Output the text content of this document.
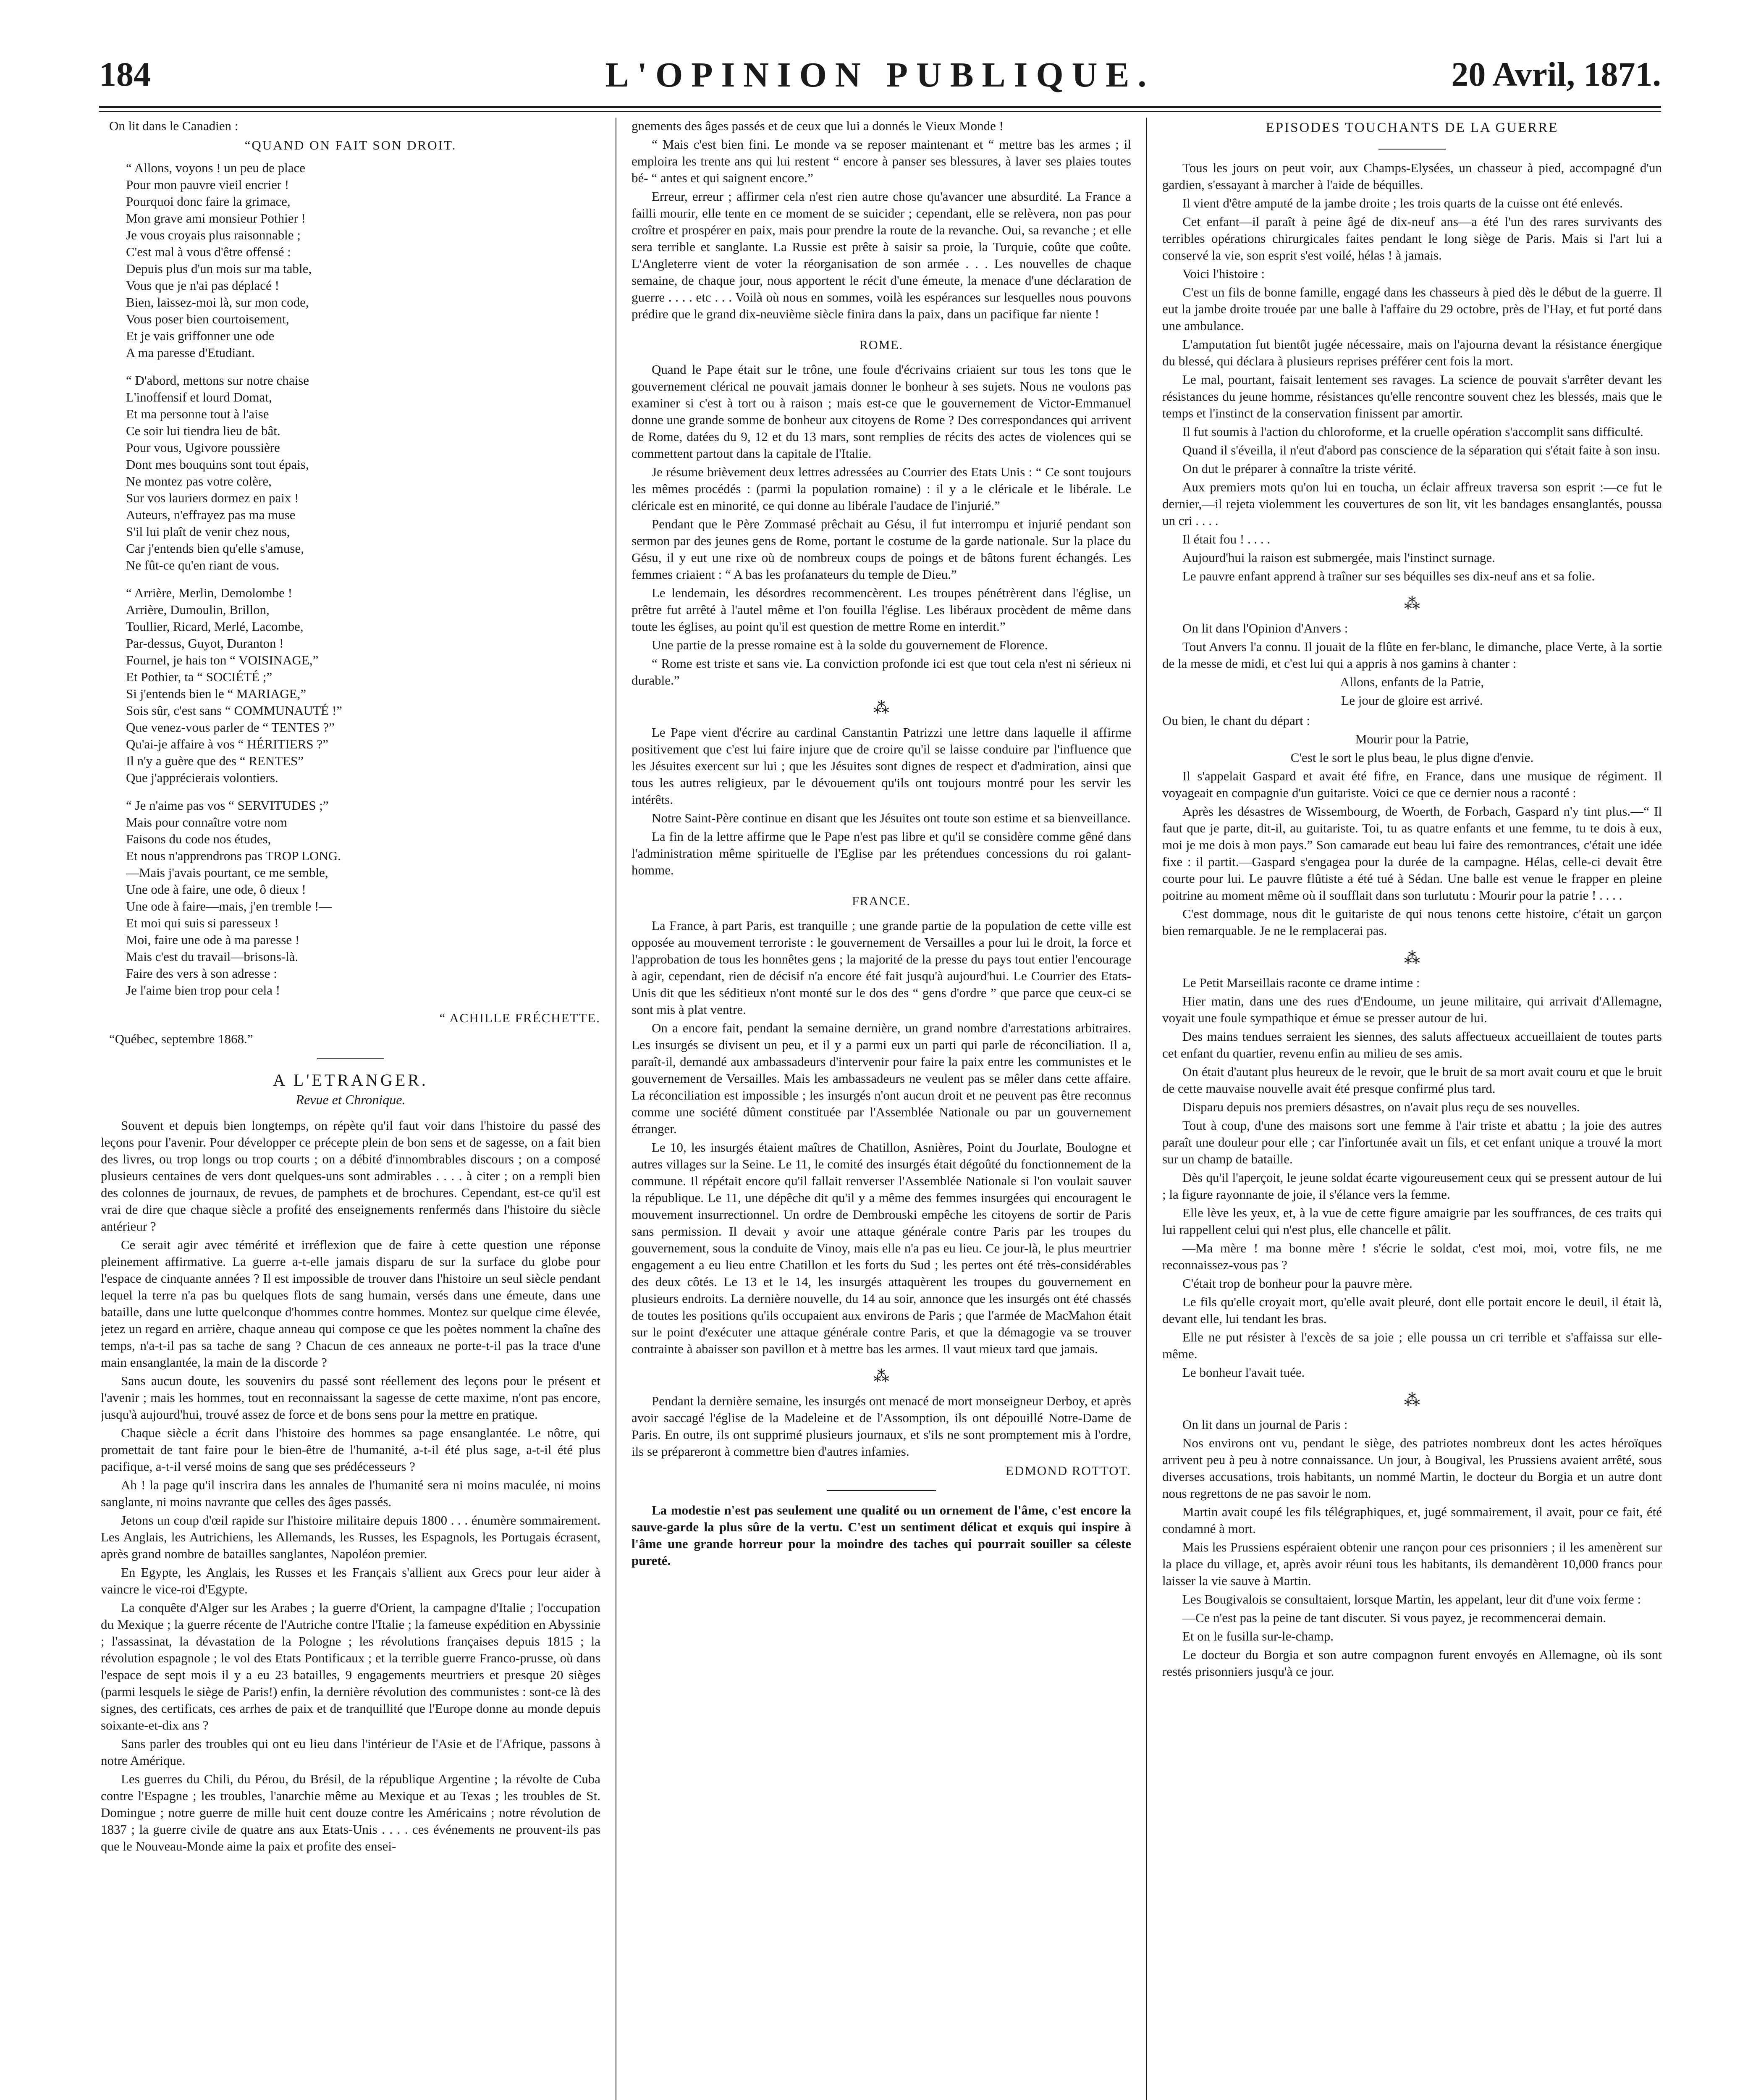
184	L'OPINION PUBLIQUE.	20 Avril, 1871.

On lit dans le Canadien :

“QUAND ON FAIT SON DROIT.
“ Allons, voyons ! un peu de place
Pour mon pauvre vieil encrier !
Pourquoi donc faire la grimace,
Mon grave ami monsieur Pothier !
Je vous croyais plus raisonnable ;
C'est mal à vous d'être offensé :
Depuis plus d'un mois sur ma table,
Vous que je n'ai pas déplacé !
Bien, laissez-moi là, sur mon code,
Vous poser bien courtoisement,
Et je vais griffonner une ode
A ma paresse d'Etudiant.
“ D'abord, mettons sur notre chaise
L'inoffensif et lourd Domat,
Et ma personne tout à l'aise
Ce soir lui tiendra lieu de bât.
Pour vous, Ugivore poussière
Dont mes bouquins sont tout épais,
Ne montez pas votre colère,
Sur vos lauriers dormez en paix !
Auteurs, n'effrayez pas ma muse
S'il lui plaît de venir chez nous,
Car j'entends bien qu'elle s'amuse,
Ne fût-ce qu'en riant de vous.
“ Arrière, Merlin, Demolombe !
Arrière, Dumoulin, Brillon,
Toullier, Ricard, Merlé, Lacombe,
Par-dessus, Guyot, Duranton !
Fournel, je hais ton “ VOISINAGE,”
Et Pothier, ta “ SOCIÉTÉ ;”
Si j'entends bien le “ MARIAGE,”
Sois sûr, c'est sans “ COMMUNAUTÉ !”
Que venez-vous parler de “ TENTES ?”
Qu'ai-je affaire à vos “ HÉRITIERS ?”
Il n'y a guère que des “ RENTES”
Que j'apprécierais volontiers.
“ Je n'aime pas vos “ SERVITUDES ;”
Mais pour connaître votre nom
Faisons du code nos études,
Et nous n'apprendrons pas TROP LONG.
—Mais j'avais pourtant, ce me semble,
Une ode à faire, une ode, ô dieux !
Une ode à faire—mais, j'en tremble !—
Et moi qui suis si paresseux !
Moi, faire une ode à ma paresse !
Mais c'est du travail—brisons-là.
Faire des vers à son adresse :
Je l'aime bien trop pour cela !
“ ACHILLE FRÉCHETTE.

“Québec, septembre 1868.”

A L'ETRANGER.
Revue et Chronique.

Souvent et depuis bien longtemps, on répète qu'il faut voir dans l'histoire du passé des leçons pour l'avenir. Pour développer ce précepte plein de bon sens et de sagesse, on a fait bien des livres, ou trop longs ou trop courts ; on a débité d'innombrables discours ; on a composé plusieurs centaines de vers dont quelques-uns sont admirables . . . . à citer ; on a rempli bien des colonnes de journaux, de revues, de pamphets et de brochures. Cependant, est-ce qu'il est vrai de dire que chaque siècle a profité des enseignements renfermés dans l'histoire du siècle antérieur ?

Ce serait agir avec témérité et irréflexion que de faire à cette question une réponse pleinement affirmative. La guerre a-t-elle jamais disparu de sur la surface du globe pour l'espace de cinquante années ? Il est impossible de trouver dans l'histoire un seul siècle pendant lequel la terre n'a pas bu quelques flots de sang humain, versés dans une émeute, dans une bataille, dans une lutte quelconque d'hommes contre hommes. Montez sur quelque cime élevée, jetez un regard en arrière, chaque anneau qui compose ce que les poètes nomment la chaîne des temps, n'a-t-il pas sa tache de sang ? Chacun de ces anneaux ne porte-t-il pas la trace d'une main ensanglantée, la main de la discorde ?

Sans aucun doute, les souvenirs du passé sont réellement des leçons pour le présent et l'avenir ; mais les hommes, tout en reconnaissant la sagesse de cette maxime, n'ont pas encore, jusqu'à aujourd'hui, trouvé assez de force et de bons sens pour la mettre en pratique.

Chaque siècle a écrit dans l'histoire des hommes sa page ensanglantée. Le nôtre, qui promettait de tant faire pour le bien-être de l'humanité, a-t-il été plus sage, a-t-il été plus pacifique, a-t-il versé moins de sang que ses prédécesseurs ?

Ah ! la page qu'il inscrira dans les annales de l'humanité sera ni moins maculée, ni moins sanglante, ni moins navrante que celles des âges passés.

Jetons un coup d'œil rapide sur l'histoire militaire depuis 1800 . . . énumère sommairement. Les Anglais, les Autrichiens, les Allemands, les Russes, les Espagnols, les Portugais écrasent, après grand nombre de batailles sanglantes, Napoléon premier.

En Egypte, les Anglais, les Russes et les Français s'allient aux Grecs pour leur aider à vaincre le vice-roi d'Egypte.

La conquête d'Alger sur les Arabes ; la guerre d'Orient, la campagne d'Italie ; l'occupation du Mexique ; la guerre récente de l'Autriche contre l'Italie ; la fameuse expédition en Abyssinie ; l'assassinat, la dévastation de la Pologne ; les révolutions françaises depuis 1815 ; la révolution espagnole ; le vol des Etats Pontificaux ; et la terrible guerre Franco-prusse, où dans l'espace de sept mois il y a eu 23 batailles, 9 engagements meurtriers et presque 20 sièges (parmi lesquels le siège de Paris!) enfin, la dernière révolution des communistes : sont-ce là des signes, des certificats, ces arrhes de paix et de tranquillité que l'Europe donne au monde depuis soixante-et-dix ans ?

Sans parler des troubles qui ont eu lieu dans l'intérieur de l'Asie et de l'Afrique, passons à notre Amérique.

Les guerres du Chili, du Pérou, du Brésil, de la république Argentine ; la révolte de Cuba contre l'Espagne ; les troubles, l'anarchie même au Mexique et au Texas ; les troubles de St. Domingue ; notre guerre de mille huit cent douze contre les Américains ; notre révolution de 1837 ; la guerre civile de quatre ans aux Etats-Unis . . . . ces événements ne prouvent-ils pas que le Nouveau-Monde aime la paix et profite des ensei-

gnements des âges passés et de ceux que lui a donnés le Vieux Monde !

“ Mais c'est bien fini. Le monde va se reposer maintenant et “ mettre bas les armes ; il emploira les trente ans qui lui restent “ encore à panser ses blessures, à laver ses plaies toutes bé- “ antes et qui saignent encore.”

Erreur, erreur ; affirmer cela n'est rien autre chose qu'avancer une absurdité. La France a failli mourir, elle tente en ce moment de se suicider ; cependant, elle se relèvera, non pas pour croître et prospérer en paix, mais pour prendre la route de la revanche. Oui, sa revanche ; et elle sera terrible et sanglante. La Russie est prête à saisir sa proie, la Turquie, coûte que coûte. L'Angleterre vient de voter la réorganisation de son armée . . . Les nouvelles de chaque semaine, de chaque jour, nous apportent le récit d'une émeute, la menace d'une déclaration de guerre . . . . etc . . . Voilà où nous en sommes, voilà les espérances sur lesquelles nous pouvons prédire que le grand dix-neuvième siècle finira dans la paix, dans un pacifique far niente !

ROME.

Quand le Pape était sur le trône, une foule d'écrivains criaient sur tous les tons que le gouvernement clérical ne pouvait jamais donner le bonheur à ses sujets. Nous ne voulons pas examiner si c'est à tort ou à raison ; mais est-ce que le gouvernement de Victor-Emmanuel donne une grande somme de bonheur aux citoyens de Rome ? Des correspondances qui arrivent de Rome, datées du 9, 12 et du 13 mars, sont remplies de récits des actes de violences qui se commettent partout dans la capitale de l'Italie.

Je résume brièvement deux lettres adressées au Courrier des Etats Unis : “ Ce sont toujours les mêmes procédés : (parmi la population romaine) : il y a le cléricale et le libérale. Le cléricale est en minorité, ce qui donne au libérale l'audace de l'injurié.”

Pendant que le Père Zommasé prêchait au Gésu, il fut interrompu et injurié pendant son sermon par des jeunes gens de Rome, portant le costume de la garde nationale. Sur la place du Gésu, il y eut une rixe où de nombreux coups de poings et de bâtons furent échangés. Les femmes criaient : “ A bas les profanateurs du temple de Dieu.”

Le lendemain, les désordres recommencèrent. Les troupes pénétrèrent dans l'église, un prêtre fut arrêté à l'autel même et l'on fouilla l'église. Les libéraux procèdent de même dans toute les églises, au point qu'il est question de mettre Rome en interdit.”

Une partie de la presse romaine est à la solde du gouvernement de Florence.

“ Rome est triste et sans vie. La conviction profonde ici est que tout cela n'est ni sérieux ni durable.”

⁂

Le Pape vient d'écrire au cardinal Canstantin Patrizzi une lettre dans laquelle il affirme positivement que c'est lui faire injure que de croire qu'il se laisse conduire par l'influence que les Jésuites exercent sur lui ; que les Jésuites sont dignes de respect et d'admiration, ainsi que tous les autres religieux, par le dévouement qu'ils ont toujours montré pour les servir les intérêts.

Notre Saint-Père continue en disant que les Jésuites ont toute son estime et sa bienveillance.

La fin de la lettre affirme que le Pape n'est pas libre et qu'il se considère comme gêné dans l'administration même spirituelle de l'Eglise par les prétendues concessions du roi galant-homme.

FRANCE.

La France, à part Paris, est tranquille ; une grande partie de la population de cette ville est opposée au mouvement terroriste : le gouvernement de Versailles a pour lui le droit, la force et l'approbation de tous les honnêtes gens ; la majorité de la presse du pays tout entier l'encourage à agir, cependant, rien de décisif n'a encore été fait jusqu'à aujourd'hui. Le Courrier des Etats-Unis dit que les séditieux n'ont monté sur le dos des “ gens d'ordre ” que parce que ceux-ci se sont mis à plat ventre.

On a encore fait, pendant la semaine dernière, un grand nombre d'arrestations arbitraires. Les insurgés se divisent un peu, et il y a parmi eux un parti qui parle de réconciliation. Il a, paraît-il, demandé aux ambassadeurs d'intervenir pour faire la paix entre les communistes et le gouvernement de Versailles. Mais les ambassadeurs ne veulent pas se mêler dans cette affaire. La réconciliation est impossible ; les insurgés n'ont aucun droit et ne peuvent pas être reconnus comme une société dûment constituée par l'Assemblée Nationale ou par un gouvernement étranger.

Le 10, les insurgés étaient maîtres de Chatillon, Asnières, Point du Jourlate, Boulogne et autres villages sur la Seine. Le 11, le comité des insurgés était dégoûté du fonctionnement de la commune. Il répétait encore qu'il fallait renverser l'Assemblée Nationale si l'on voulait sauver la république. Le 11, une dépêche dit qu'il y a même des femmes insurgées qui encouragent le mouvement insurrectionnel. Un ordre de Dembrouski empêche les citoyens de sortir de Paris sans permission. Il devait y avoir une attaque générale contre Paris par les troupes du gouvernement, sous la conduite de Vinoy, mais elle n'a pas eu lieu. Ce jour-là, le plus meurtrier engagement a eu lieu entre Chatillon et les forts du Sud ; les pertes ont été très-considérables des deux côtés. Le 13 et le 14, les insurgés attaquèrent les troupes du gouvernement en plusieurs endroits. La dernière nouvelle, du 14 au soir, annonce que les insurgés ont été chassés de toutes les positions qu'ils occupaient aux environs de Paris ; que l'armée de MacMahon était sur le point d'exécuter une attaque générale contre Paris, et que la démagogie va se trouver contrainte à abaisser son pavillon et à mettre bas les armes. Il vaut mieux tard que jamais.

⁂

Pendant la dernière semaine, les insurgés ont menacé de mort monseigneur Derboy, et après avoir saccagé l'église de la Madeleine et de l'Assomption, ils ont dépouillé Notre-Dame de Paris. En outre, ils ont supprimé plusieurs journaux, et s'ils ne sont promptement mis à l'ordre, ils se prépareront à commettre bien d'autres infamies.

EDMOND ROTTOT.

La modestie n'est pas seulement une qualité ou un ornement de l'âme, c'est encore la sauve-garde la plus sûre de la vertu. C'est un sentiment délicat et exquis qui inspire à l'âme une grande horreur pour la moindre des taches qui pourrait souiller sa céleste pureté.

EPISODES TOUCHANTS DE LA GUERRE

Tous les jours on peut voir, aux Champs-Elysées, un chasseur à pied, accompagné d'un gardien, s'essayant à marcher à l'aide de béquilles.

Il vient d'être amputé de la jambe droite ; les trois quarts de la cuisse ont été enlevés.

Cet enfant—il paraît à peine âgé de dix-neuf ans—a été l'un des rares survivants des terribles opérations chirurgicales faites pendant le long siège de Paris. Mais si l'art lui a conservé la vie, son esprit s'est voilé, hélas ! à jamais.

Voici l'histoire :

C'est un fils de bonne famille, engagé dans les chasseurs à pied dès le début de la guerre. Il eut la jambe droite trouée par une balle à l'affaire du 29 octobre, près de l'Hay, et fut porté dans une ambulance.

L'amputation fut bientôt jugée nécessaire, mais on l'ajourna devant la résistance énergique du blessé, qui déclara à plusieurs reprises préférer cent fois la mort.

Le mal, pourtant, faisait lentement ses ravages. La science de pouvait s'arrêter devant les résistances du jeune homme, résistances qu'elle rencontre souvent chez les blessés, mais que le temps et l'instinct de la conservation finissent par amortir.

Il fut soumis à l'action du chloroforme, et la cruelle opération s'accomplit sans difficulté.

Quand il s'éveilla, il n'eut d'abord pas conscience de la séparation qui s'était faite à son insu.

On dut le préparer à connaître la triste vérité.

Aux premiers mots qu'on lui en toucha, un éclair affreux traversa son esprit :—ce fut le dernier,—il rejeta violemment les couvertures de son lit, vit les bandages ensanglantés, poussa un cri . . . .

Il était fou ! . . . .

Aujourd'hui la raison est submergée, mais l'instinct surnage.

Le pauvre enfant apprend à traîner sur ses béquilles ses dix-neuf ans et sa folie.

⁂

On lit dans l'Opinion d'Anvers :

Tout Anvers l'a connu. Il jouait de la flûte en fer-blanc, le dimanche, place Verte, à la sortie de la messe de midi, et c'est lui qui a appris à nos gamins à chanter :

Allons, enfants de la Patrie,
Le jour de gloire est arrivé.

Ou bien, le chant du départ :

Mourir pour la Patrie,
C'est le sort le plus beau, le plus digne d'envie.

Il s'appelait Gaspard et avait été fifre, en France, dans une musique de régiment. Il voyageait en compagnie d'un guitariste. Voici ce que ce dernier nous a raconté :

Après les désastres de Wissembourg, de Woerth, de Forbach, Gaspard n'y tint plus.—“ Il faut que je parte, dit-il, au guitariste. Toi, tu as quatre enfants et une femme, tu te dois à eux, moi je me dois à mon pays.” Son camarade eut beau lui faire des remontrances, c'était une idée fixe : il partit.—Gaspard s'engagea pour la durée de la campagne. Hélas, celle-ci devait être courte pour lui. Le pauvre flûtiste a été tué à Sédan. Une balle est venue le frapper en pleine poitrine au moment même où il soufflait dans son turlututu : Mourir pour la patrie ! . . . .

C'est dommage, nous dit le guitariste de qui nous tenons cette histoire, c'était un garçon bien remarquable. Je ne le remplacerai pas.

⁂

Le Petit Marseillais raconte ce drame intime :

Hier matin, dans une des rues d'Endoume, un jeune militaire, qui arrivait d'Allemagne, voyait une foule sympathique et émue se presser autour de lui.

Des mains tendues serraient les siennes, des saluts affectueux accueillaient de toutes parts cet enfant du quartier, revenu enfin au milieu de ses amis.

On était d'autant plus heureux de le revoir, que le bruit de sa mort avait couru et que le bruit de cette mauvaise nouvelle avait été presque confirmé plus tard.

Disparu depuis nos premiers désastres, on n'avait plus reçu de ses nouvelles.

Tout à coup, d'une des maisons sort une femme à l'air triste et abattu ; la joie des autres paraît une douleur pour elle ; car l'infortunée avait un fils, et cet enfant unique a trouvé la mort sur un champ de bataille.

Dès qu'il l'aperçoit, le jeune soldat écarte vigoureusement ceux qui se pressent autour de lui ; la figure rayonnante de joie, il s'élance vers la femme.

Elle lève les yeux, et, à la vue de cette figure amaigrie par les souffrances, de ces traits qui lui rappellent celui qui n'est plus, elle chancelle et pâlit.

—Ma mère ! ma bonne mère ! s'écrie le soldat, c'est moi, moi, votre fils, ne me reconnaissez-vous pas ?

C'était trop de bonheur pour la pauvre mère.

Le fils qu'elle croyait mort, qu'elle avait pleuré, dont elle portait encore le deuil, il était là, devant elle, lui tendant les bras.

Elle ne put résister à l'excès de sa joie ; elle poussa un cri terrible et s'affaissa sur elle-même.

Le bonheur l'avait tuée.

⁂

On lit dans un journal de Paris :

Nos environs ont vu, pendant le siège, des patriotes nombreux dont les actes héroïques arrivent peu à peu à notre connaissance. Un jour, à Bougival, les Prussiens avaient arrêté, sous diverses accusations, trois habitants, un nommé Martin, le docteur du Borgia et un autre dont nous regrettons de ne pas savoir le nom.

Martin avait coupé les fils télégraphiques, et, jugé sommairement, il avait, pour ce fait, été condamné à mort.

Mais les Prussiens espéraient obtenir une rançon pour ces prisonniers ; il les amenèrent sur la place du village, et, après avoir réuni tous les habitants, ils demandèrent 10,000 francs pour laisser la vie sauve à Martin.

Les Bougivalois se consultaient, lorsque Martin, les appelant, leur dit d'une voix ferme :

—Ce n'est pas la peine de tant discuter. Si vous payez, je recommencerai demain.

Et on le fusilla sur-le-champ.

Le docteur du Borgia et son autre compagnon furent envoyés en Allemagne, où ils sont restés prisonniers jusqu'à ce jour.
